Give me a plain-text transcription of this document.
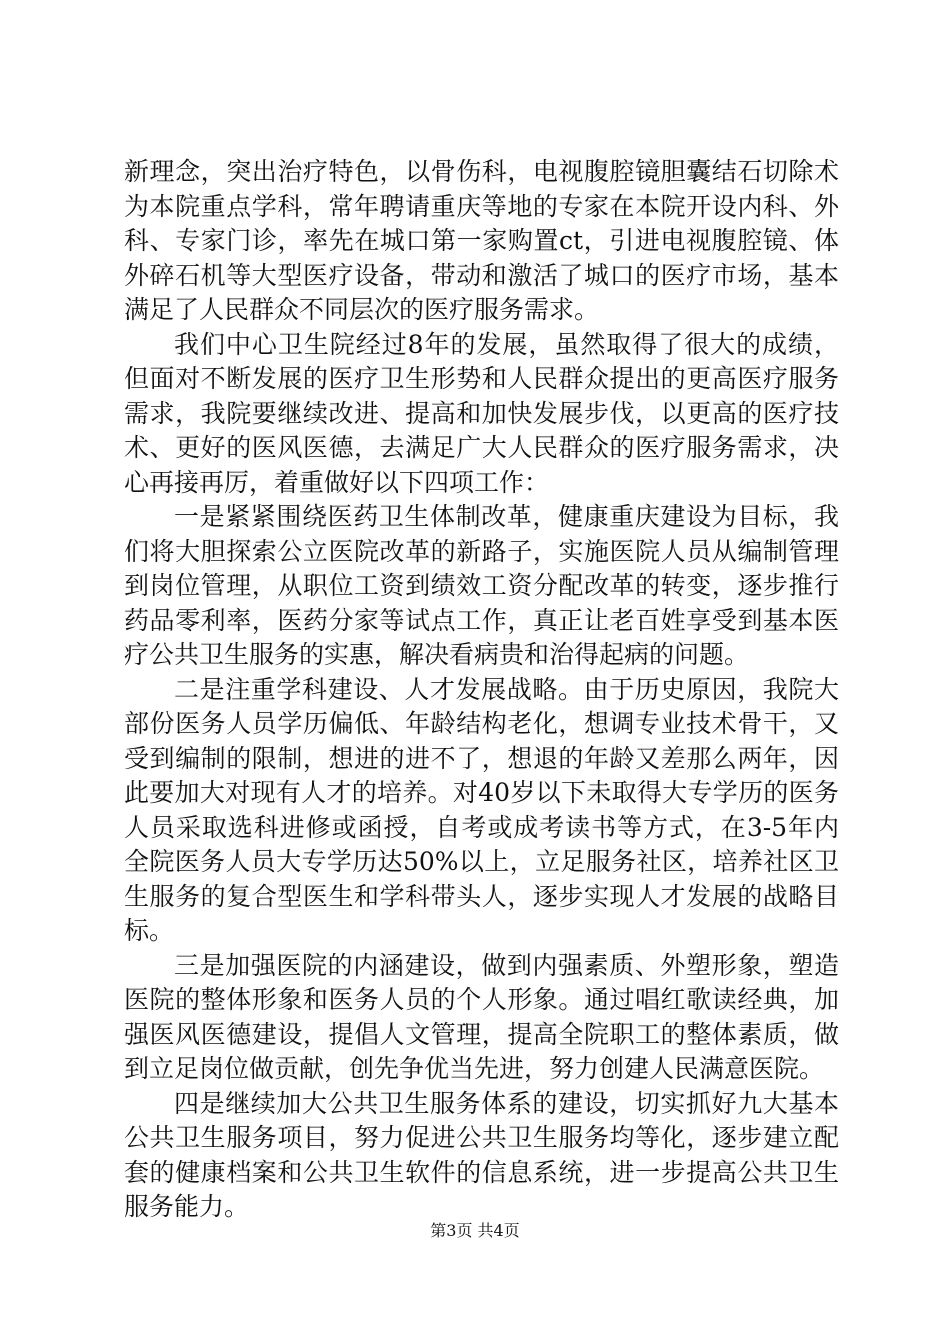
新理念，突出治疗特色，以骨伤科，电视腹腔镜胆囊结石切除术为本院重点学科，常年聘请重庆等地的专家在本院开设内科、外科、专家门诊，率先在城口第一家购置ct，引进电视腹腔镜、体外碎石机等大型医疗设备，带动和激活了城口的医疗市场，基本满足了人民群众不同层次的医疗服务需求。

我们中心卫生院经过8年的发展，虽然取得了很大的成绩，但面对不断发展的医疗卫生形势和人民群众提出的更高医疗服务需求，我院要继续改进、提高和加快发展步伐，以更高的医疗技术、更好的医风医德，去满足广大人民群众的医疗服务需求，决心再接再厉，着重做好以下四项工作：

一是紧紧围绕医药卫生体制改革，健康重庆建设为目标，我们将大胆探索公立医院改革的新路子，实施医院人员从编制管理到岗位管理，从职位工资到绩效工资分配改革的转变，逐步推行药品零利率，医药分家等试点工作，真正让老百姓享受到基本医疗公共卫生服务的实惠，解决看病贵和治得起病的问题。

二是注重学科建设、人才发展战略。由于历史原因，我院大部份医务人员学历偏低、年龄结构老化，想调专业技术骨干，又受到编制的限制，想进的进不了，想退的年龄又差那么两年，因此要加大对现有人才的培养。对40岁以下未取得大专学历的医务人员采取选科进修或函授，自考或成考读书等方式，在3-5年内全院医务人员大专学历达50%以上，立足服务社区，培养社区卫生服务的复合型医生和学科带头人，逐步实现人才发展的战略目标。

三是加强医院的内涵建设，做到内强素质、外塑形象，塑造医院的整体形象和医务人员的个人形象。通过唱红歌读经典，加强医风医德建设，提倡人文管理，提高全院职工的整体素质，做到立足岗位做贡献，创先争优当先进，努力创建人民满意医院。

四是继续加大公共卫生服务体系的建设，切实抓好九大基本公共卫生服务项目，努力促进公共卫生服务均等化，逐步建立配套的健康档案和公共卫生软件的信息系统，进一步提高公共卫生服务能力。

第3页 共4页
